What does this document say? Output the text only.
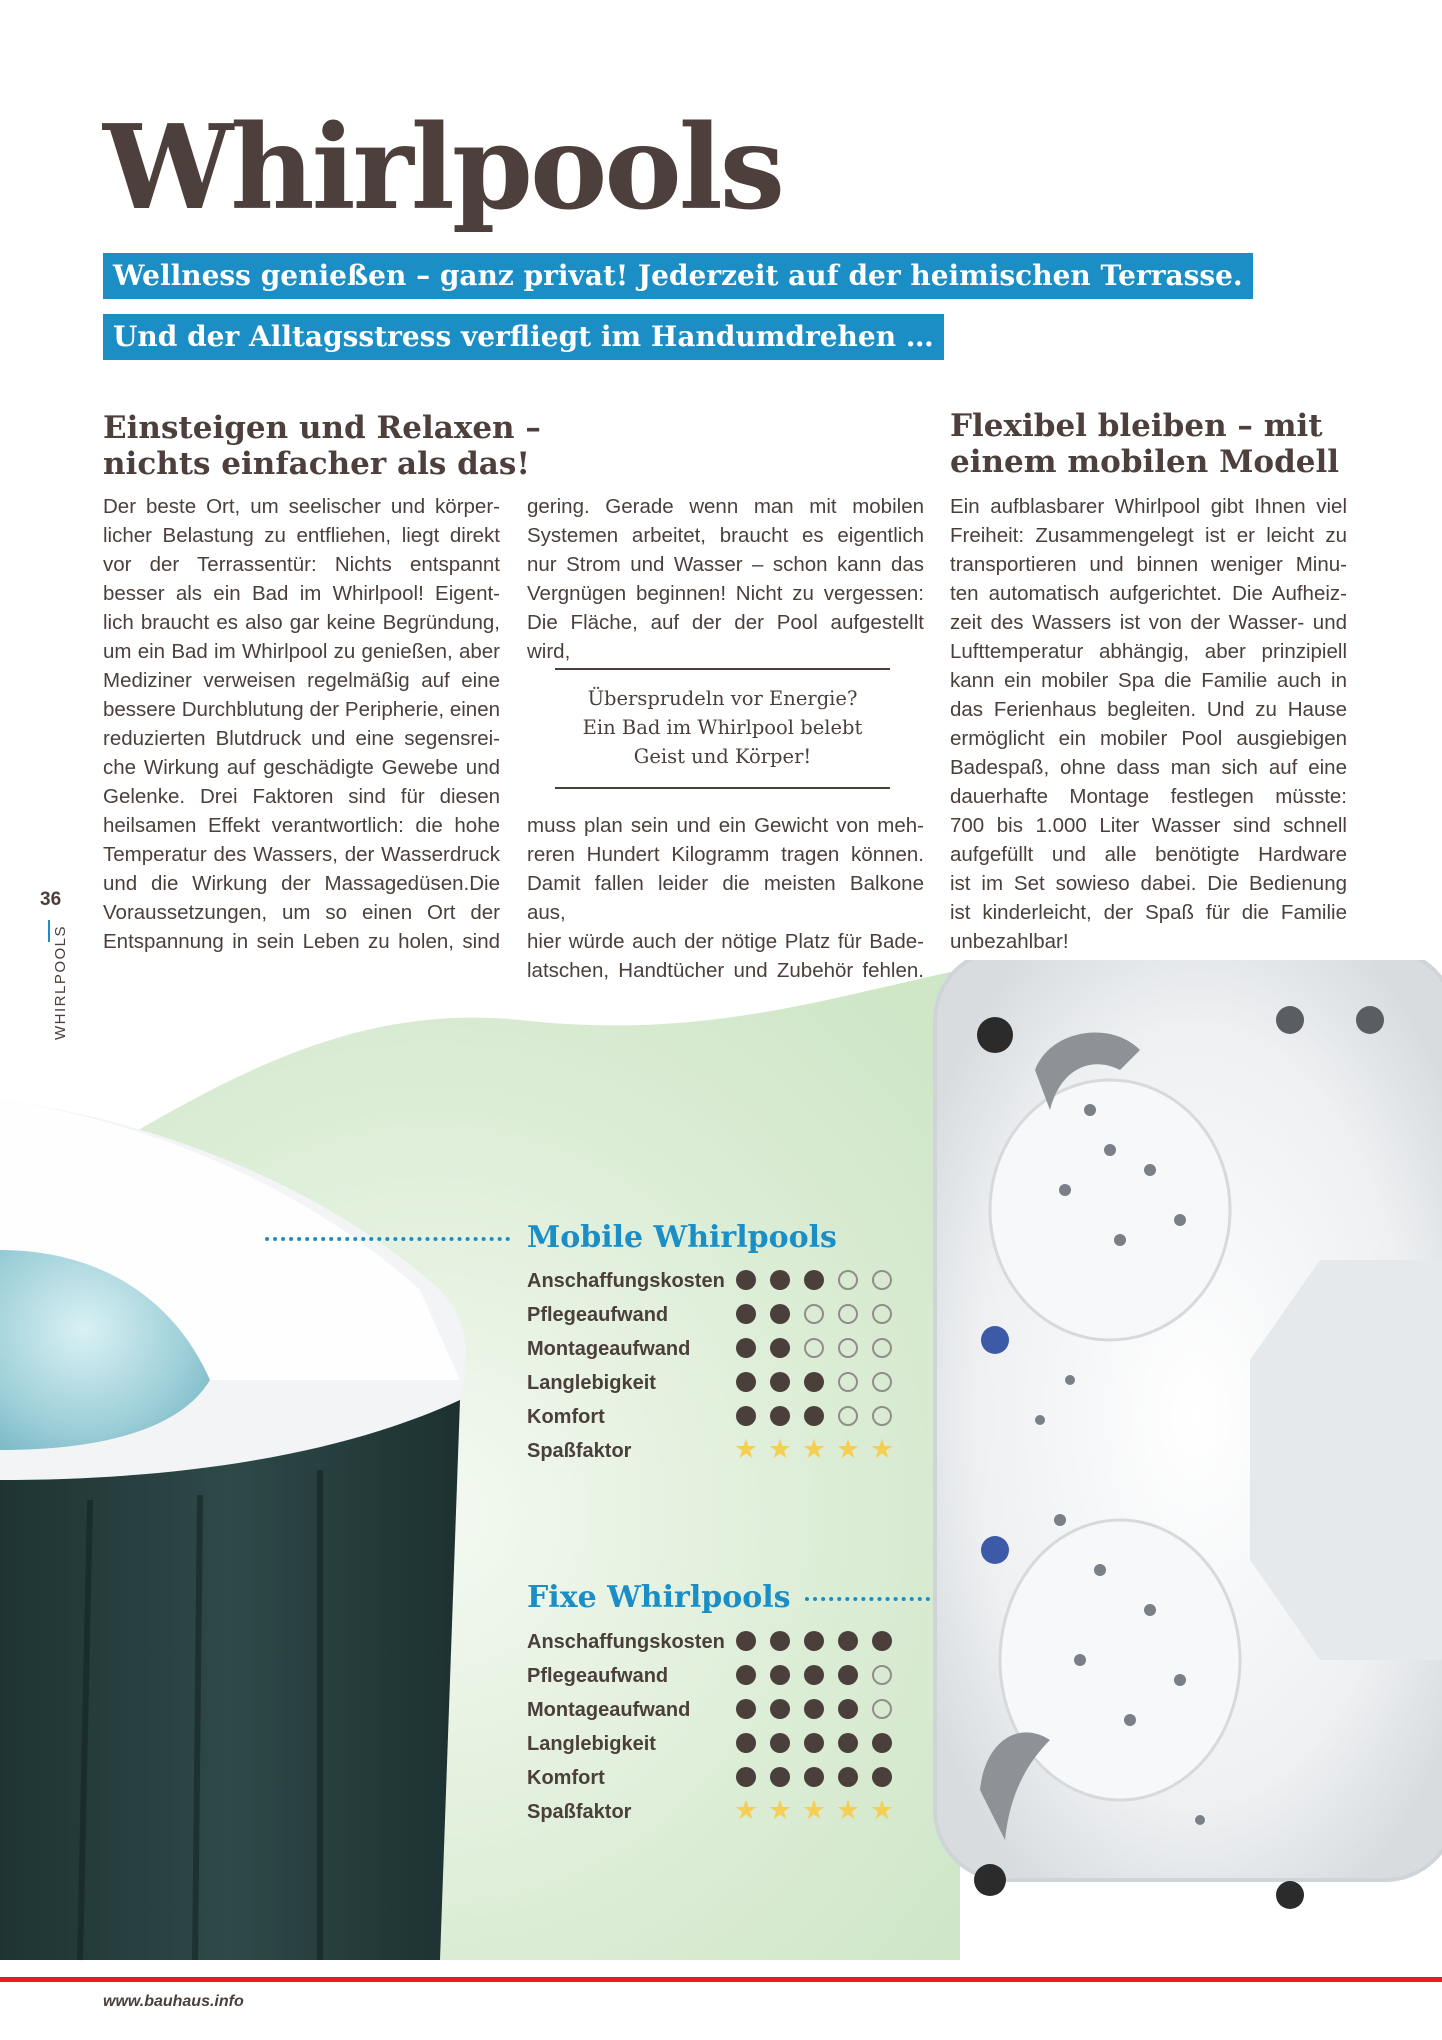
Whirlpools
Wellness genießen – ganz privat! Jederzeit auf der heimischen Terrasse.
Und der Alltagsstress verfliegt im Handumdrehen …
Einsteigen und Relaxen –
nichts einfacher als das!
Flexibel bleiben – mit
einem mobilen Modell

Der beste Ort, um seelischer und körper-

licher Belastung zu entfliehen, liegt direkt

vor der Terrassentür: Nichts entspannt

besser als ein Bad im Whirlpool! Eigent-

lich braucht es also gar keine Begründung,

um ein Bad im Whirlpool zu genießen, aber

Mediziner verweisen regelmäßig auf eine

bessere Durchblutung der Peripherie, einen

reduzierten Blutdruck und eine segensrei-

che Wirkung auf geschädigte Gewebe und

Gelenke. Drei Faktoren sind für diesen

heilsamen Effekt verantwortlich: die hohe

Temperatur des Wassers, der Wasserdruck

und die Wirkung der Massagedüsen.Die

Voraussetzungen, um so einen Ort der

Entspannung in sein Leben zu holen, sind

gering. Gerade wenn man mit mobilen

Systemen arbeitet, braucht es eigentlich

nur Strom und Wasser – schon kann das

Vergnügen beginnen! Nicht zu vergessen:

Die Fläche, auf der der Pool aufgestellt wird,

Übersprudeln vor Energie?
Ein Bad im Whirlpool belebt
Geist und Körper!

muss plan sein und ein Gewicht von meh-

reren Hundert Kilogramm tragen können.

Damit fallen leider die meisten Balkone aus,

hier würde auch der nötige Platz für Bade-

latschen, Handtücher und Zubehör fehlen.

Ein aufblasbarer Whirlpool gibt Ihnen viel

Freiheit: Zusammengelegt ist er leicht zu

transportieren und binnen weniger Minu-

ten automatisch aufgerichtet. Die Aufheiz-

zeit des Wassers ist von der Wasser- und

Lufttemperatur abhängig, aber prinzipiell

kann ein mobiler Spa die Familie auch in

das Ferienhaus begleiten. Und zu Hause

ermöglicht ein mobiler Pool ausgiebigen

Badespaß, ohne dass man sich auf eine

dauerhafte Montage festlegen müsste:

700 bis 1.000 Liter Wasser sind schnell

aufgefüllt und alle benötigte Hardware

ist im Set sowieso dabei. Die Bedienung

ist kinderleicht, der Spaß für die Familie

unbezahlbar!

36
WHIRLPOOLS
Mobile Whirlpools
Anschaffungskosten
Pflegeaufwand
Montageaufwand
Langlebigkeit
Komfort
Spaßfaktor	★ ★ ★ ★ ★
Fixe Whirlpools
Anschaffungskosten
Pflegeaufwand
Montageaufwand
Langlebigkeit
Komfort
Spaßfaktor	★ ★ ★ ★ ★
www.bauhaus.info
